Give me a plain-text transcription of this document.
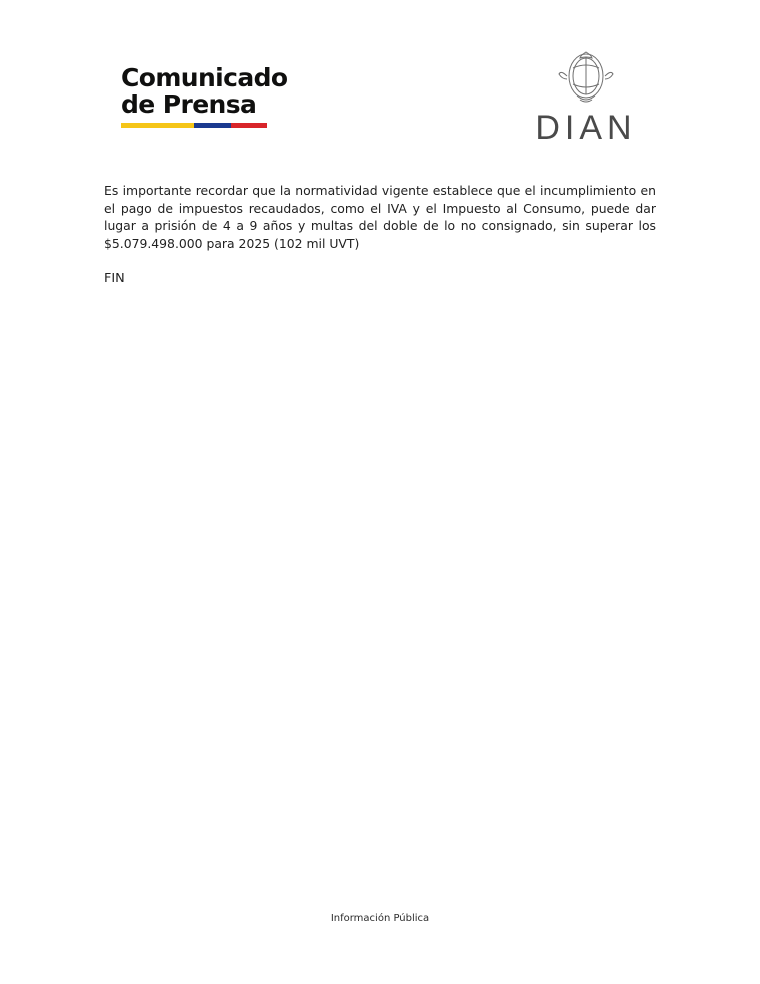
Comunicado
de Prensa
DIAN

Es importante recordar que la normatividad vigente establece que el incumplimiento en el pago de impuestos recaudados, como el IVA y el Impuesto al Consumo, puede dar lugar a prisión de 4 a 9 años y multas del doble de lo no consignado, sin superar los $5.079.498.000 para 2025 (102 mil UVT)

FIN

Información Pública
